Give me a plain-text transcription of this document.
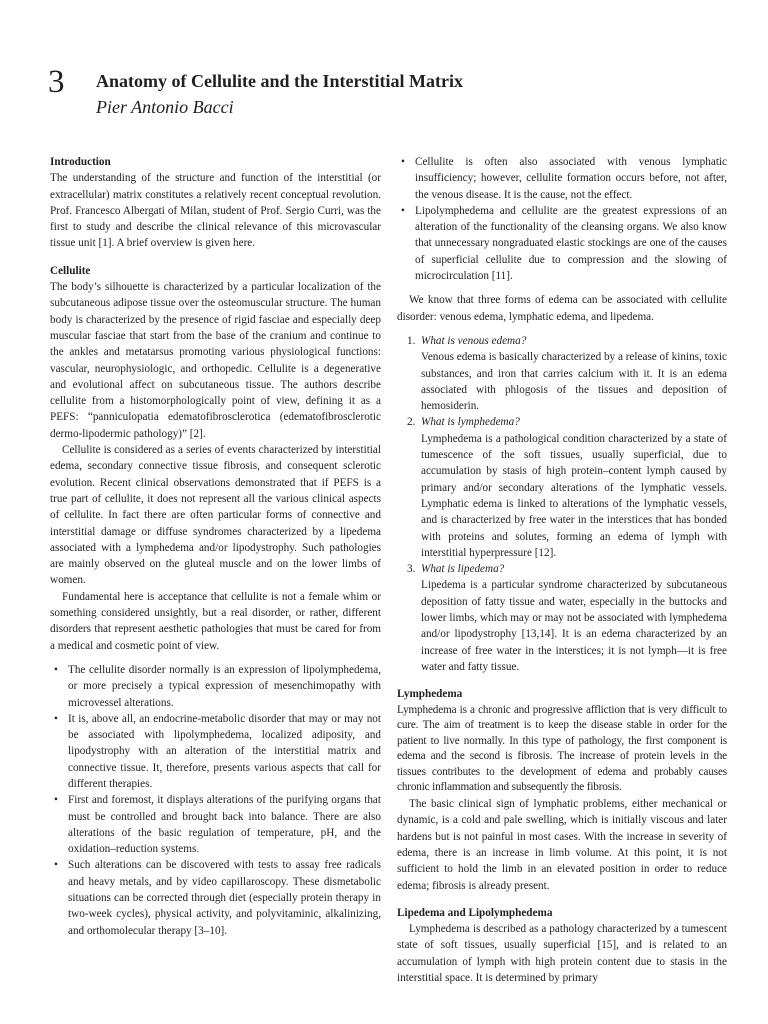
3 Anatomy of Cellulite and the Interstitial Matrix
Pier Antonio Bacci
Introduction

The understanding of the structure and function of the interstitial (or extracellular) matrix constitutes a relatively recent conceptual revolution. Prof. Francesco Albergati of Milan, student of Prof. Sergio Curri, was the first to study and describe the clinical relevance of this microvascular tissue unit [1]. A brief overview is given here.

Cellulite

The body’s silhouette is characterized by a particular localization of the subcutaneous adipose tissue over the osteomuscular structure. The human body is characterized by the presence of rigid fasciae and especially deep muscular fasciae that start from the base of the cranium and continue to the ankles and metatarsus promoting various physiological functions: vascular, neurophysiologic, and orthopedic. Cellulite is a degenerative and evolutional affect on subcutaneous tissue. The authors describe cellulite from a histomorphologically point of view, defining it as a PEFS: “panniculopatia edematofibrosclerotica (edematofibrosclerotic dermo-lipodermic pathology)” [2].

Cellulite is considered as a series of events characterized by interstitial edema, secondary connective tissue fibrosis, and consequent sclerotic evolution. Recent clinical observations demonstrated that if PEFS is a true part of cellulite, it does not represent all the various clinical aspects of cellulite. In fact there are often particular forms of connective and interstitial damage or diffuse syndromes characterized by a lipedema associated with a lymphedema and/or lipodystrophy. Such pathologies are mainly observed on the gluteal muscle and on the lower limbs of women.

Fundamental here is acceptance that cellulite is not a female whim or something considered unsightly, but a real disorder, or rather, different disorders that represent aesthetic pathologies that must be cared for from a medical and cosmetic point of view.

• The cellulite disorder normally is an expression of lipolymphedema, or more precisely a typical expression of mesenchimopathy with microvessel alterations.
• It is, above all, an endocrine-metabolic disorder that may or may not be associated with lipolymphedema, localized adiposity, and lipodystrophy with an alteration of the interstitial matrix and connective tissue. It, therefore, presents various aspects that call for different therapies.
• First and foremost, it displays alterations of the purifying organs that must be controlled and brought back into balance. There are also alterations of the basic regulation of temperature, pH, and the oxidation–reduction systems.
• Such alterations can be discovered with tests to assay free radicals and heavy metals, and by video capillaroscopy. These dismetabolic situations can be corrected through diet (especially protein therapy in two-week cycles), physical activity, and polyvitaminic, alkalinizing, and orthomolecular therapy [3–10].
• Cellulite is often also associated with venous lymphatic insufficiency; however, cellulite formation occurs before, not after, the venous disease. It is the cause, not the effect.
• Lipolymphedema and cellulite are the greatest expressions of an alteration of the functionality of the cleansing organs. We also know that unnecessary nongraduated elastic stockings are one of the causes of superficial cellulite due to compression and the slowing of microcirculation [11].

We know that three forms of edema can be associated with cellulite disorder: venous edema, lymphatic edema, and lipedema.

1. What is venous edema?
Venous edema is basically characterized by a release of kinins, toxic substances, and iron that carries calcium with it. It is an edema associated with phlogosis of the tissues and deposition of hemosiderin.
2. What is lymphedema?
Lymphedema is a pathological condition characterized by a state of tumescence of the soft tissues, usually superficial, due to accumulation by stasis of high protein–content lymph caused by primary and/or secondary alterations of the lymphatic vessels. Lymphatic edema is linked to alterations of the lymphatic vessels, and is characterized by free water in the interstices that has bonded with proteins and solutes, forming an edema of lymph with interstitial hyperpressure [12].
3. What is lipedema?
Lipedema is a particular syndrome characterized by subcutaneous deposition of fatty tissue and water, especially in the buttocks and lower limbs, which may or may not be associated with lymphedema and/or lipodystrophy [13,14]. It is an edema characterized by an increase of free water in the interstices; it is not lymph—it is free water and fatty tissue.
Lymphedema

Lymphedema is a chronic and progressive affliction that is very difficult to cure. The aim of treatment is to keep the disease stable in order for the patient to live normally. In this type of pathology, the first component is edema and the second is fibrosis. The increase of protein levels in the tissues contributes to the development of edema and probably causes chronic inflammation and subsequently the fibrosis.

The basic clinical sign of lymphatic problems, either mechanical or dynamic, is a cold and pale swelling, which is initially viscous and later hardens but is not painful in most cases. With the increase in severity of edema, there is an increase in limb volume. At this point, it is not sufficient to hold the limb in an elevated position in order to reduce edema; fibrosis is already present.

Lipedema and Lipolymphedema

Lymphedema is described as a pathology characterized by a tumescent state of soft tissues, usually superficial [15], and is related to an accumulation of lymph with high protein content due to stasis in the interstitial space. It is determined by primary
